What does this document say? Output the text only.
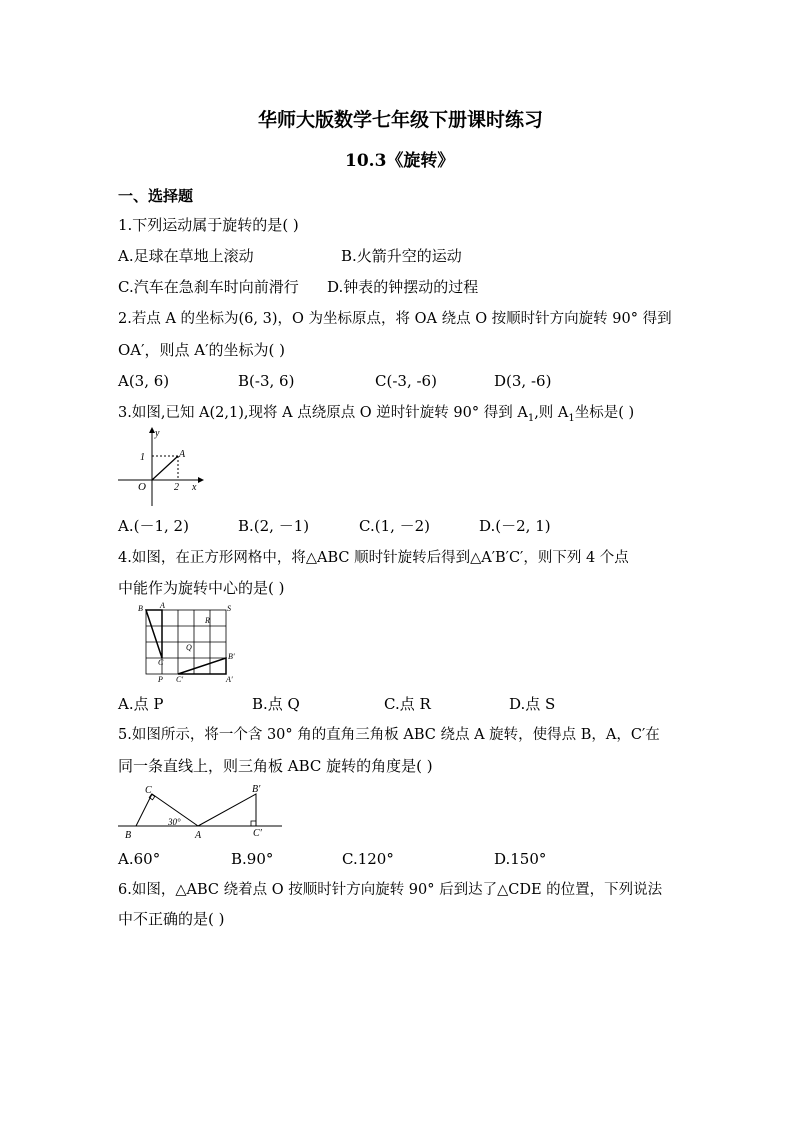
华师大版数学七年级下册课时练习
10.3《旋转》
一、选择题
1.下列运动属于旋转的是( )
A.足球在草地上滚动	B.火箭升空的运动
C.汽车在急刹车时向前滑行 D.钟表的钟摆动的过程
2.若点 A 的坐标为(6, 3)，O 为坐标原点，将 OA 绕点 O 按顺时针方向旋转 90° 得到
OA′，则点 A′的坐标为( )
A(3, 6)	B(-3, 6)	C(-3, -6)	D(3, -6)
3.如图,已知 A(2,1),现将 A 点绕原点 O 逆时针旋转 90° 得到 $A_1$,则 $A_1$坐标是( )
y
x
O
1
2
A
A.(－1, 2)	B.(2, －1)	C.(1, －2)	D.(－2, 1)
4.如图，在正方形网格中，将△ABC 顺时针旋转后得到△A′B′C′，则下列 4 个点
中能作为旋转中心的是( )
B A	S
R
Q
C
P C′
B′
A′
A.点 P	B.点 Q	C.点 R	D.点 S
5.如图所示，将一个含 30° 角的直角三角板 ABC 绕点 A 旋转，使得点 B，A，C′在
同一条直线上，则三角板 ABC 旋转的角度是( )
C
B
30°
A
B′
C′
A.60°	B.90°	C.120°	D.150°
6.如图，△ABC 绕着点 O 按顺时针方向旋转 90° 后到达了△CDE 的位置，下列说法
中不正确的是( )
